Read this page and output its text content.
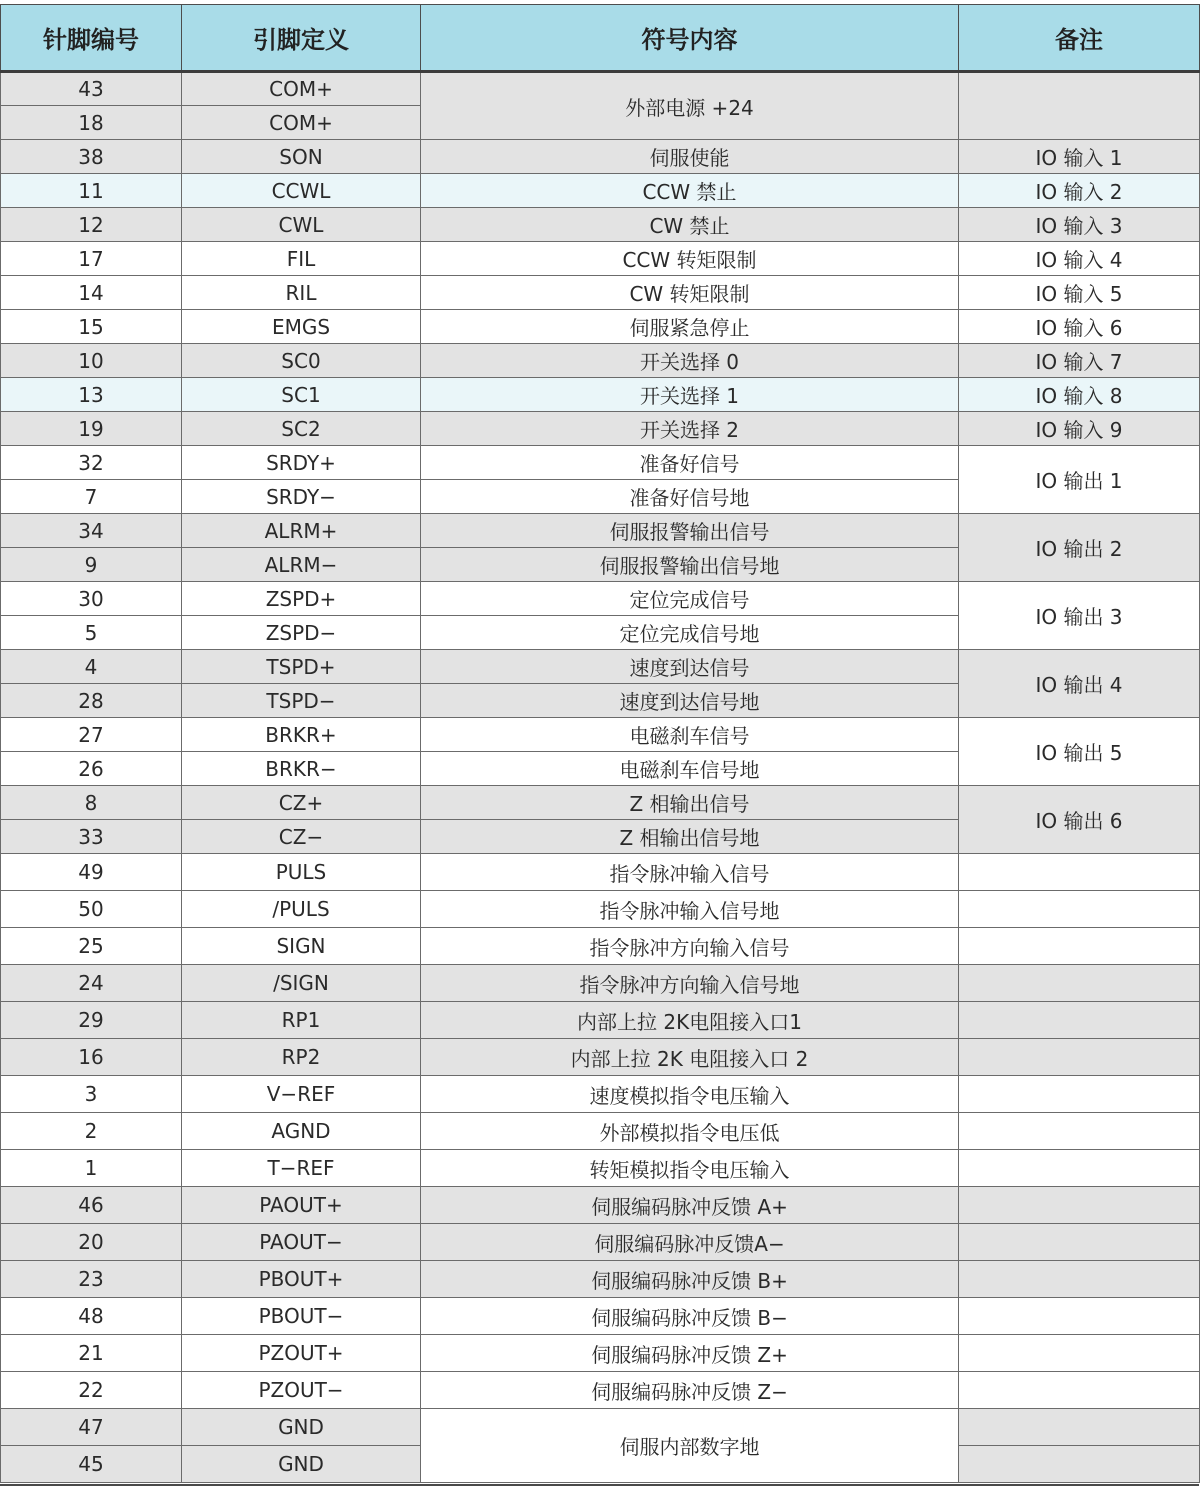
针脚编号	引脚定义	符号内容	备注
43	COM+	外部电源 +24	
18	COM+		
38	SON	伺服使能	IO 输入 1
11	CCWL	CCW 禁止	IO 输入 2
12	CWL	CW 禁止	IO 输入 3
17	FIL	CCW 转矩限制	IO 输入 4
14	RIL	CW 转矩限制	IO 输入 5
15	EMGS	伺服紧急停止	IO 输入 6
10	SC0	开关选择 0	IO 输入 7
13	SC1	开关选择 1	IO 输入 8
19	SC2	开关选择 2	IO 输入 9
32	SRDY+	准备好信号	IO 输出 1
7	SRDY−	准备好信号地	
34	ALRM+	伺服报警输出信号	IO 输出 2
9	ALRM−	伺服报警输出信号地	
30	ZSPD+	定位完成信号	IO 输出 3
5	ZSPD−	定位完成信号地	
4	TSPD+	速度到达信号	IO 输出 4
28	TSPD−	速度到达信号地	
27	BRKR+	电磁刹车信号	IO 输出 5
26	BRKR−	电磁刹车信号地	
8	CZ+	Z 相输出信号	IO 输出 6
33	CZ−	Z 相输出信号地	
49	PULS	指令脉冲输入信号	
50	/PULS	指令脉冲输入信号地	
25	SIGN	指令脉冲方向输入信号	
24	/SIGN	指令脉冲方向输入信号地	
29	RP1	内部上拉 2K电阻接入口1	
16	RP2	内部上拉 2K 电阻接入口 2	
3	V−REF	速度模拟指令电压输入	
2	AGND	外部模拟指令电压低	
1	T−REF	转矩模拟指令电压输入	
46	PAOUT+	伺服编码脉冲反馈 A+	
20	PAOUT−	伺服编码脉冲反馈A−	
23	PBOUT+	伺服编码脉冲反馈 B+	
48	PBOUT−	伺服编码脉冲反馈 B−	
21	PZOUT+	伺服编码脉冲反馈 Z+	
22	PZOUT−	伺服编码脉冲反馈 Z−	
47	GND	伺服内部数字地	
45	GND		
